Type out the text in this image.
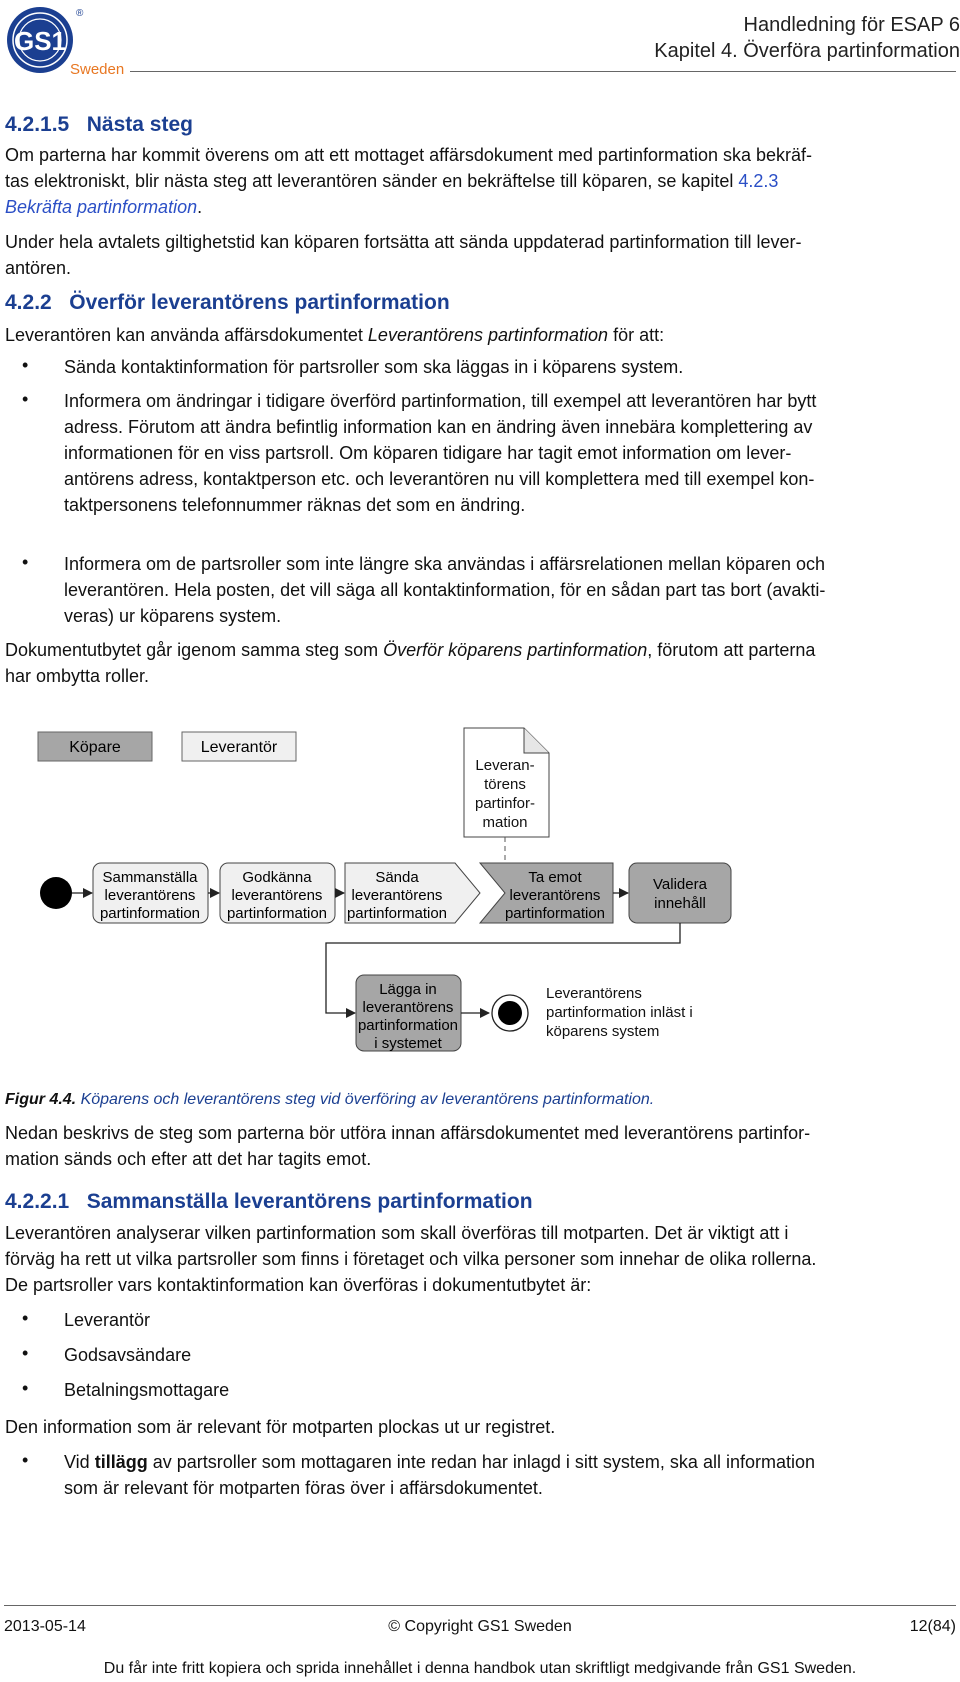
GS1
®
Sweden
Handledning för ESAP 6
Kapitel 4. Överföra partinformation
4.2.1.5 Nästa steg
Om parterna har kommit överens om att ett mottaget affärsdokument med partinformation ska bekräf-
tas elektroniskt, blir nästa steg att leverantören sänder en bekräftelse till köparen, se kapitel 4.2.3
Bekräfta partinformation.
Under hela avtalets giltighetstid kan köparen fortsätta att sända uppdaterad partinformation till lever-
antören.
4.2.2 Överför leverantörens partinformation
Leverantören kan använda affärsdokumentet Leverantörens partinformation för att:
• Sända kontaktinformation för partsroller som ska läggas in i köparens system.
• Informera om ändringar i tidigare överförd partinformation, till exempel att leverantören har bytt
adress. Förutom att ändra befintlig information kan en ändring även innebära komplettering av
informationen för en viss partsroll. Om köparen tidigare har tagit emot information om lever-
antörens adress, kontaktperson etc. och leverantören nu vill komplettera med till exempel kon-
taktpersonens telefonnummer räknas det som en ändring.
• Informera om de partsroller som inte längre ska användas i affärsrelationen mellan köparen och
leverantören. Hela posten, det vill säga all kontaktinformation, för en sådan part tas bort (avakti-
veras) ur köparens system.
Dokumentutbytet går igenom samma steg som Överför köparens partinformation, förutom att parterna
har ombytta roller.
Köpare	Leverantör
Leveran-
törens
partinfor-
mation
Sammanställa
leverantörens
partinformation
Godkänna
leverantörens
partinformation
Sända
leverantörens
partinformation
Ta emot
leverantörens
partinformation
Validera
innehåll
Lägga in
leverantörens
partinformation
i systemet
Leverantörens
partinformation inläst i
köparens system
Figur 4.4. Köparens och leverantörens steg vid överföring av leverantörens partinformation.
Nedan beskrivs de steg som parterna bör utföra innan affärsdokumentet med leverantörens partinfor-
mation sänds och efter att det har tagits emot.
4.2.2.1 Sammanställa leverantörens partinformation
Leverantören analyserar vilken partinformation som skall överföras till motparten. Det är viktigt att i
förväg ha rett ut vilka partsroller som finns i företaget och vilka personer som innehar de olika rollerna.
De partsroller vars kontaktinformation kan överföras i dokumentutbytet är:
• Leverantör
• Godsavsändare
• Betalningsmottagare
Den information som är relevant för motparten plockas ut ur registret.
• Vid tillägg av partsroller som mottagaren inte redan har inlagd i sitt system, ska all information
som är relevant för motparten föras över i affärsdokumentet.
2013-05-14	© Copyright GS1 Sweden	12(84)
Du får inte fritt kopiera och sprida innehållet i denna handbok utan skriftligt medgivande från GS1 Sweden.
